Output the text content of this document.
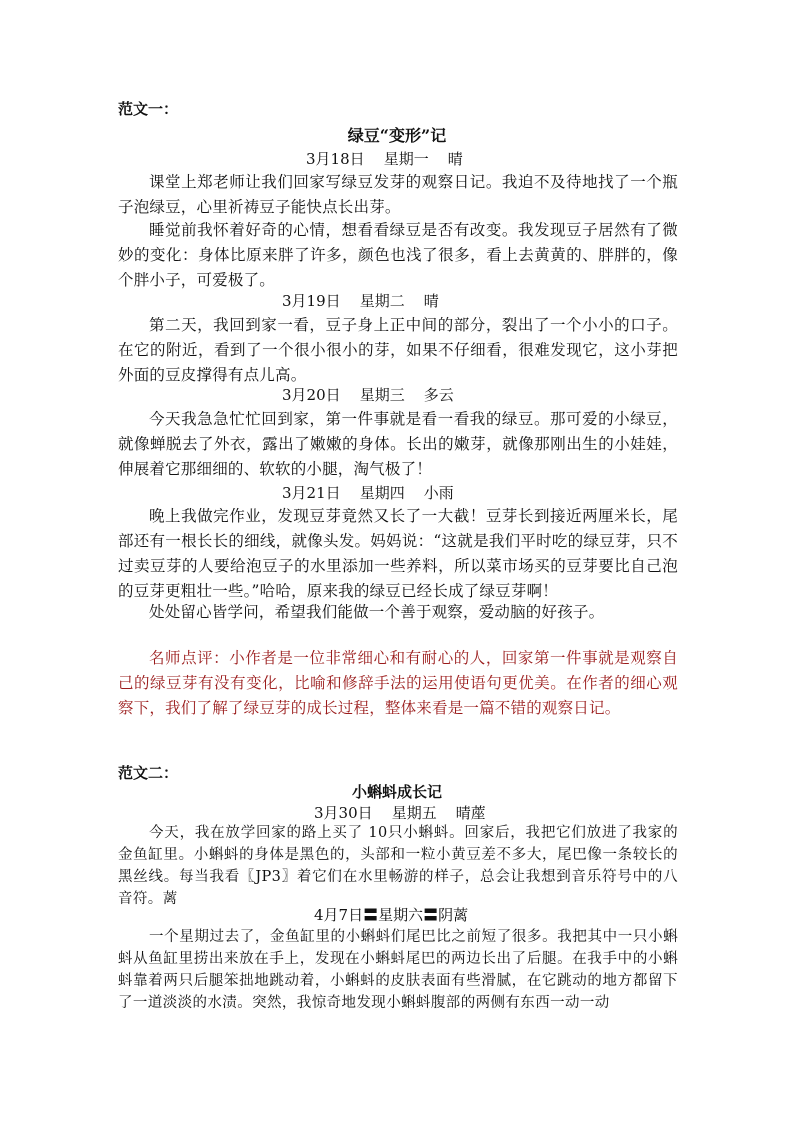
范文一：
绿豆“变形”记
3月18日    星期一    晴
课堂上郑老师让我们回家写绿豆发芽的观察日记。我迫不及待地找了一个瓶子泡绿豆，心里祈祷豆子能快点长出芽。
睡觉前我怀着好奇的心情，想看看绿豆是否有改变。我发现豆子居然有了微妙的变化：身体比原来胖了许多，颜色也浅了很多，看上去黄黄的、胖胖的，像个胖小子，可爱极了。
3月19日    星期二    晴
第二天，我回到家一看，豆子身上正中间的部分，裂出了一个小小的口子。在它的附近，看到了一个很小很小的芽，如果不仔细看，很难发现它，这小芽把外面的豆皮撑得有点儿高。
3月20日    星期三    多云
今天我急急忙忙回到家，第一件事就是看一看我的绿豆。那可爱的小绿豆，就像蝉脱去了外衣，露出了嫩嫩的身体。长出的嫩芽，就像那刚出生的小娃娃，伸展着它那细细的、软软的小腿，淘气极了！
3月21日    星期四    小雨
晚上我做完作业，发现豆芽竟然又长了一大截！豆芽长到接近两厘米长，尾部还有一根长长的细线，就像头发。妈妈说：“这就是我们平时吃的绿豆芽，只不过卖豆芽的人要给泡豆子的水里添加一些养料，所以菜市场买的豆芽要比自己泡的豆芽更粗壮一些。”哈哈，原来我的绿豆已经长成了绿豆芽啊！
处处留心皆学问，希望我们能做一个善于观察，爱动脑的好孩子。
名师点评：小作者是一位非常细心和有耐心的人，回家第一件事就是观察自己的绿豆芽有没有变化，比喻和修辞手法的运用使语句更优美。在作者的细心观察下，我们了解了绿豆芽的成长过程，整体来看是一篇不错的观察日记。
范文二：
小蝌蚪成长记
3月30日    星期五    晴蓙
今天，我在放学回家的路上买了 10只小蝌蚪。回家后，我把它们放进了我家的金鱼缸里。小蝌蚪的身体是黑色的，头部和一粒小黄豆差不多大，尾巴像一条较长的黑丝线。每当我看〖JP3〗着它们在水里畅游的样子，总会让我想到音乐符号中的八音符。蓠
4月7日〓星期六〓阴蓠
一个星期过去了，金鱼缸里的小蝌蚪们尾巴比之前短了很多。我把其中一只小蝌蚪从鱼缸里捞出来放在手上，发现在小蝌蚪尾巴的两边长出了后腿。在我手中的小蝌蚪靠着两只后腿笨拙地跳动着，小蝌蚪的皮肤表面有些滑腻，在它跳动的地方都留下了一道淡淡的水渍。突然，我惊奇地发现小蝌蚪腹部的两侧有东西一动一动
